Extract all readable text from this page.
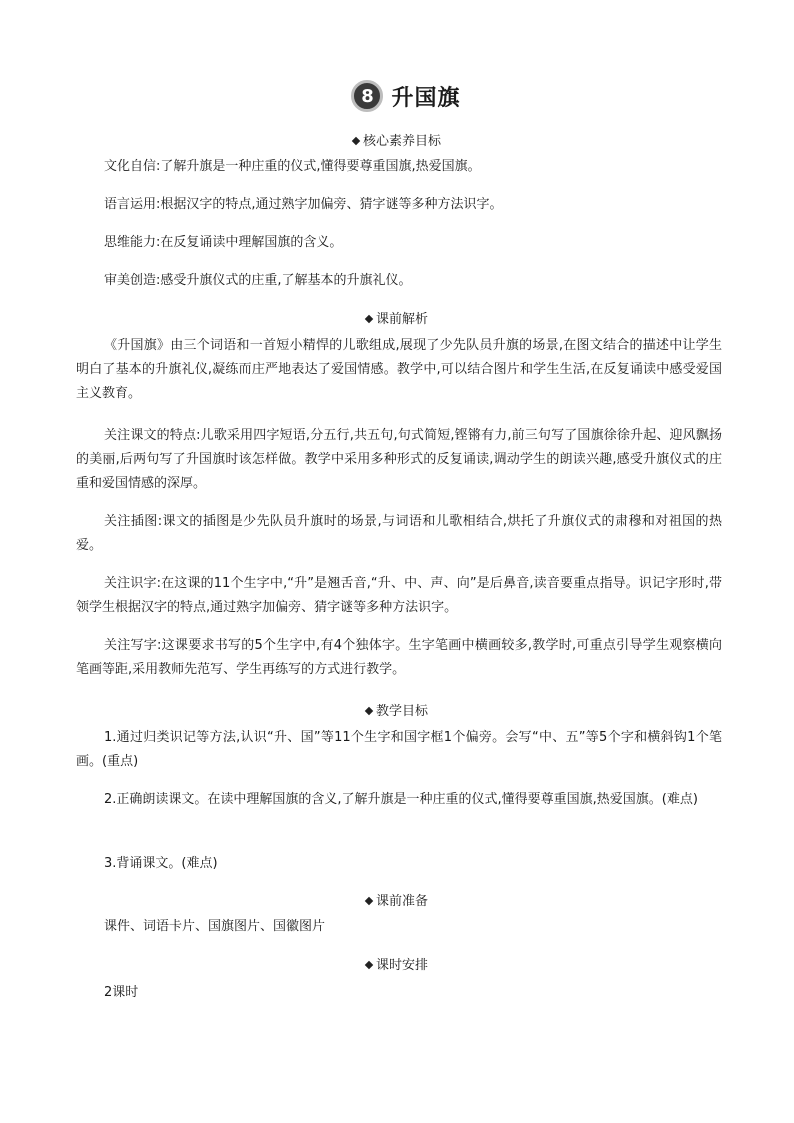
8 升国旗
核心素养目标
文化自信:了解升旗是一种庄重的仪式,懂得要尊重国旗,热爱国旗。
语言运用:根据汉字的特点,通过熟字加偏旁、猜字谜等多种方法识字。
思维能力:在反复诵读中理解国旗的含义。
审美创造:感受升旗仪式的庄重,了解基本的升旗礼仪。
课前解析
《升国旗》由三个词语和一首短小精悍的儿歌组成,展现了少先队员升旗的场景,在图文结合的描述中让学生明白了基本的升旗礼仪,凝练而庄严地表达了爱国情感。教学中,可以结合图片和学生生活,在反复诵读中感受爱国主义教育。
关注课文的特点:儿歌采用四字短语,分五行,共五句,句式简短,铿锵有力,前三句写了国旗徐徐升起、迎风飘扬的美丽,后两句写了升国旗时该怎样做。教学中采用多种形式的反复诵读,调动学生的朗读兴趣,感受升旗仪式的庄重和爱国情感的深厚。
关注插图:课文的插图是少先队员升旗时的场景,与词语和儿歌相结合,烘托了升旗仪式的肃穆和对祖国的热爱。
关注识字:在这课的11个生字中,“升”是翘舌音,“升、中、声、向”是后鼻音,读音要重点指导。识记字形时,带领学生根据汉字的特点,通过熟字加偏旁、猜字谜等多种方法识字。
关注写字:这课要求书写的5个生字中,有4个独体字。生字笔画中横画较多,教学时,可重点引导学生观察横向笔画等距,采用教师先范写、学生再练写的方式进行教学。
教学目标
1.通过归类识记等方法,认识“升、国”等11个生字和国字框1个偏旁。会写“中、五”等5个字和横斜钩1个笔画。(重点)
2.正确朗读课文。在读中理解国旗的含义,了解升旗是一种庄重的仪式,懂得要尊重国旗,热爱国旗。(难点)
3.背诵课文。(难点)
课前准备
课件、词语卡片、国旗图片、国徽图片
课时安排
2课时
